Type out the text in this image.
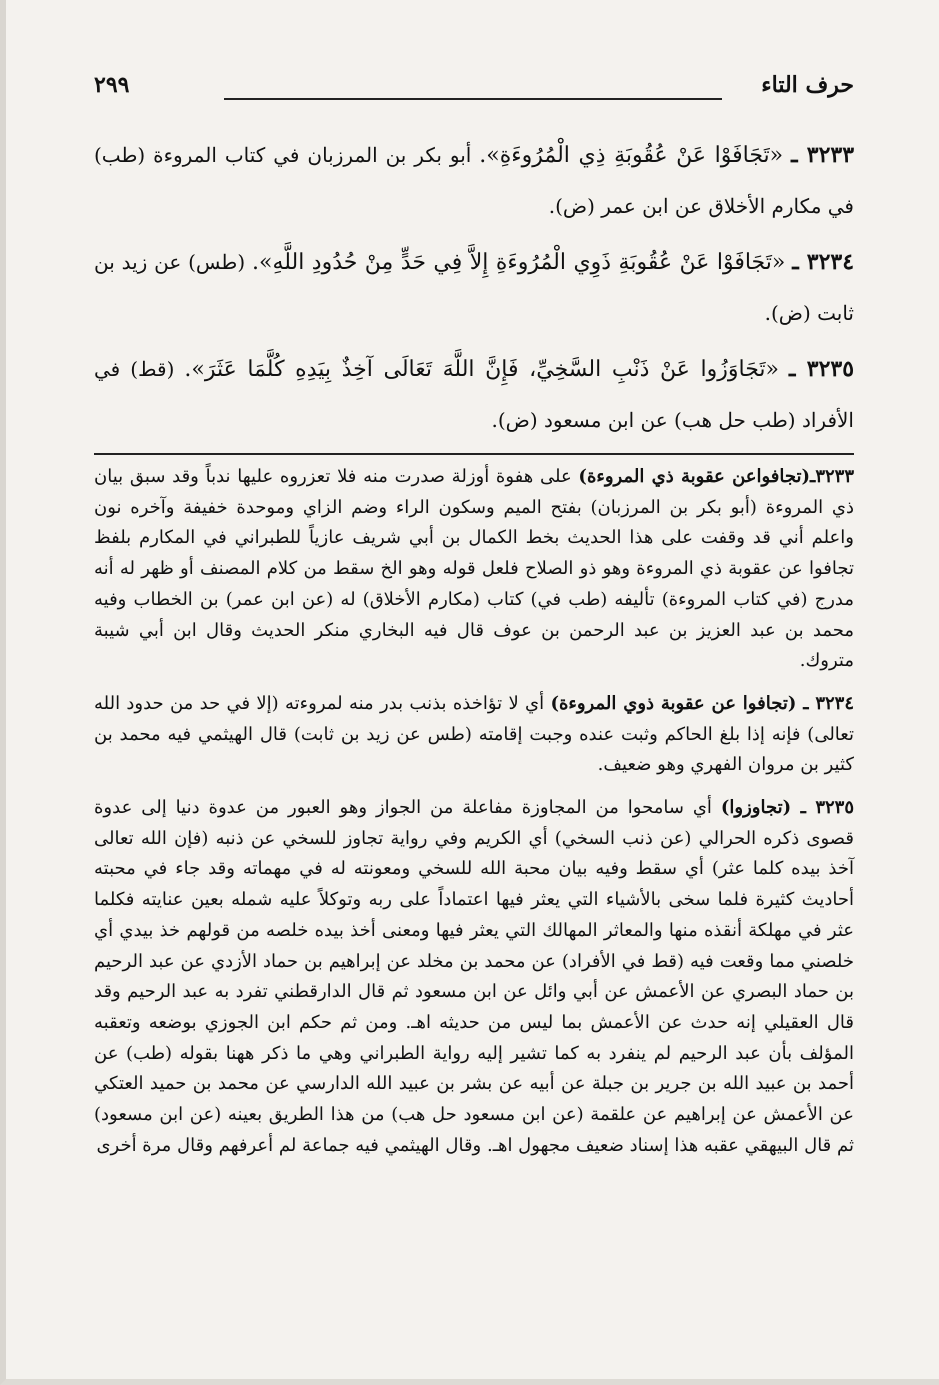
حرف التاء
٢٩٩
٣٢٣٣ ـ «تَجَافَوْا عَنْ عُقُوبَةِ ذِي الْمُرُوءَةِ». أبو بكر بن المرزبان في كتاب المروءة (طب) في مكارم الأخلاق عن ابن عمر (ض).
٣٢٣٤ ـ «تَجَافَوْا عَنْ عُقُوبَةِ ذَوِي الْمُرُوءَةِ إِلاَّ فِي حَدٍّ مِنْ حُدُودِ اللَّهِ». (طس) عن زيد بن ثابت (ض).
٣٢٣٥ ـ «تَجَاوَزُوا عَنْ ذَنْبِ السَّخِيِّ، فَإِنَّ اللَّهَ تَعَالَى آخِذٌ بِيَدِهِ كُلَّمَا عَثَرَ». (قط) في الأفراد (طب حل هب) عن ابن مسعود (ض).

٣٢٣٣ـ(تجافواعن عقوبة ذي المروءة) على هفوة أوزلة صدرت منه فلا تعزروه عليها ندباً وقد سبق بيان ذي المروءة (أبو بكر بن المرزبان) بفتح الميم وسكون الراء وضم الزاي وموحدة خفيفة وآخره نون واعلم أني قد وقفت على هذا الحديث بخط الكمال بن أبي شريف عازياً للطبراني في المكارم بلفظ تجافوا عن عقوبة ذي المروءة وهو ذو الصلاح فلعل قوله وهو الخ سقط من كلام المصنف أو ظهر له أنه مدرج (في كتاب المروءة) تأليفه (طب في) كتاب (مكارم الأخلاق) له (عن ابن عمر) بن الخطاب وفيه محمد بن عبد العزيز بن عبد الرحمن بن عوف قال فيه البخاري منكر الحديث وقال ابن أبي شيبة متروك.

٣٢٣٤ ـ (تجافوا عن عقوبة ذوي المروءة) أي لا تؤاخذه بذنب بدر منه لمروءته (إلا في حد من حدود الله تعالى) فإنه إذا بلغ الحاكم وثبت عنده وجبت إقامته (طس عن زيد بن ثابت) قال الهيثمي فيه محمد بن كثير بن مروان الفهري وهو ضعيف.

٣٢٣٥ ـ (تجاوزوا) أي سامحوا من المجاوزة مفاعلة من الجواز وهو العبور من عدوة دنيا إلى عدوة قصوى ذكره الحرالي (عن ذنب السخي) أي الكريم وفي رواية تجاوز للسخي عن ذنبه (فإن الله تعالى آخذ بيده كلما عثر) أي سقط وفيه بيان محبة الله للسخي ومعونته له في مهماته وقد جاء في محبته أحاديث كثيرة فلما سخى بالأشياء التي يعثر فيها اعتماداً على ربه وتوكلاً عليه شمله بعين عنايته فكلما عثر في مهلكة أنقذه منها والمعاثر المهالك التي يعثر فيها ومعنى أخذ بيده خلصه من قولهم خذ بيدي أي خلصني مما وقعت فيه (قط في الأفراد) عن محمد بن مخلد عن إبراهيم بن حماد الأزدي عن عبد الرحيم بن حماد البصري عن الأعمش عن أبي وائل عن ابن مسعود ثم قال الدارقطني تفرد به عبد الرحيم وقد قال العقيلي إنه حدث عن الأعمش بما ليس من حديثه اهـ. ومن ثم حكم ابن الجوزي بوضعه وتعقبه المؤلف بأن عبد الرحيم لم ينفرد به كما تشير إليه رواية الطبراني وهي ما ذكر ههنا بقوله (طب) عن أحمد بن عبيد الله بن جرير بن جبلة عن أبيه عن بشر بن عبيد الله الدارسي عن محمد بن حميد العتكي عن الأعمش عن إبراهيم عن علقمة (عن ابن مسعود حل هب) من هذا الطريق بعينه (عن ابن مسعود) ثم قال البيهقي عقبه هذا إسناد ضعيف مجهول اهـ. وقال الهيثمي فيه جماعة لم أعرفهم وقال مرة أخرى
